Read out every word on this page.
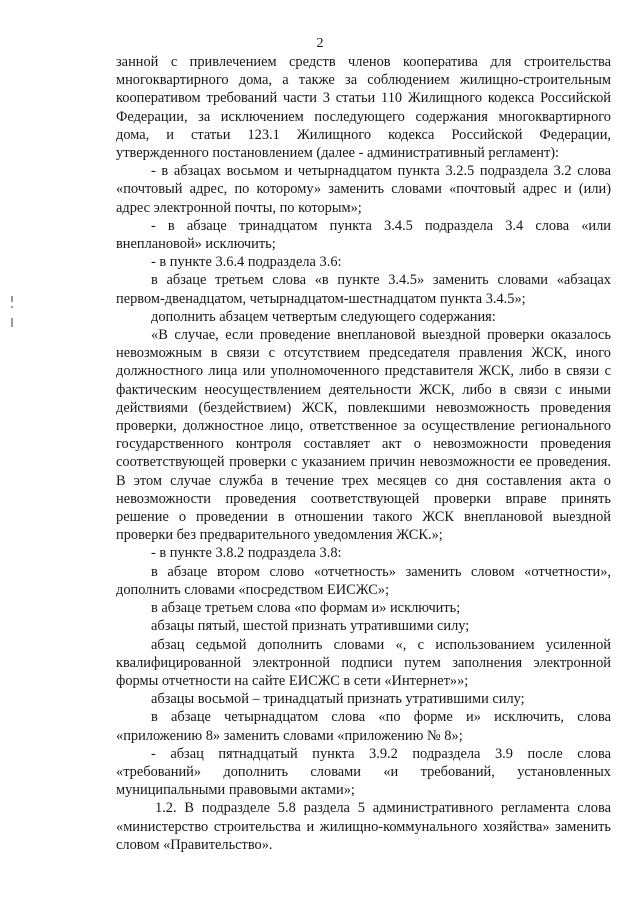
2

занной с привлечением средств членов кооператива для строительства многоквартирного дома, а также за соблюдением жилищно-строительным кооперативом требований части 3 статьи 110 Жилищного кодекса Российской Федерации, за исключением последующего содержания многоквартирного дома, и статьи 123.1 Жилищного кодекса Российской Федерации, утвержденного постановлением (далее - административный регламент):

- в абзацах восьмом и четырнадцатом пункта 3.2.5 подраздела 3.2 слова «почтовый адрес, по которому» заменить словами «почтовый адрес и (или) адрес электронной почты, по которым»;

- в абзаце тринадцатом пункта 3.4.5 подраздела 3.4 слова «или внеплановой» исключить;

- в пункте 3.6.4 подраздела 3.6:

в абзаце третьем слова «в пункте 3.4.5» заменить словами «абзацах первом-двенадцатом, четырнадцатом-шестнадцатом пункта 3.4.5»;

дополнить абзацем четвертым следующего содержания:

«В случае, если проведение внеплановой выездной проверки оказалось невозможным в связи с отсутствием председателя правления ЖСК, иного должностного лица или уполномоченного представителя ЖСК, либо в связи с фактическим неосуществлением деятельности ЖСК, либо в связи с иными действиями (бездействием) ЖСК, повлекшими невозможность проведения проверки, должностное лицо, ответственное за осуществление регионального государственного контроля составляет акт о невозможности проведения соответствующей проверки с указанием причин невозможности ее проведения. В этом случае служба в течение трех месяцев со дня составления акта о невозможности проведения соответствующей проверки вправе принять решение о проведении в отношении такого ЖСК внеплановой выездной проверки без предварительного уведомления ЖСК.»;

- в пункте 3.8.2 подраздела 3.8:

в абзаце втором слово «отчетность» заменить словом «отчетности», дополнить словами «посредством ЕИСЖС»;

в абзаце третьем слова «по формам и» исключить;

абзацы пятый, шестой признать утратившими силу;

абзац седьмой дополнить словами «, с использованием усиленной квалифицированной электронной подписи путем заполнения электронной формы отчетности на сайте ЕИСЖС в сети «Интернет»»;

абзацы восьмой – тринадцатый признать утратившими силу;

в абзаце четырнадцатом слова «по форме и» исключить, слова «приложению 8» заменить словами «приложению № 8»;

- абзац пятнадцатый пункта 3.9.2 подраздела 3.9 после слова «требований» дополнить словами «и требований, установленных муниципальными правовыми актами»;

1.2. В подразделе 5.8 раздела 5 административного регламента слова «министерство строительства и жилищно-коммунального хозяйства» заменить словом «Правительство».
